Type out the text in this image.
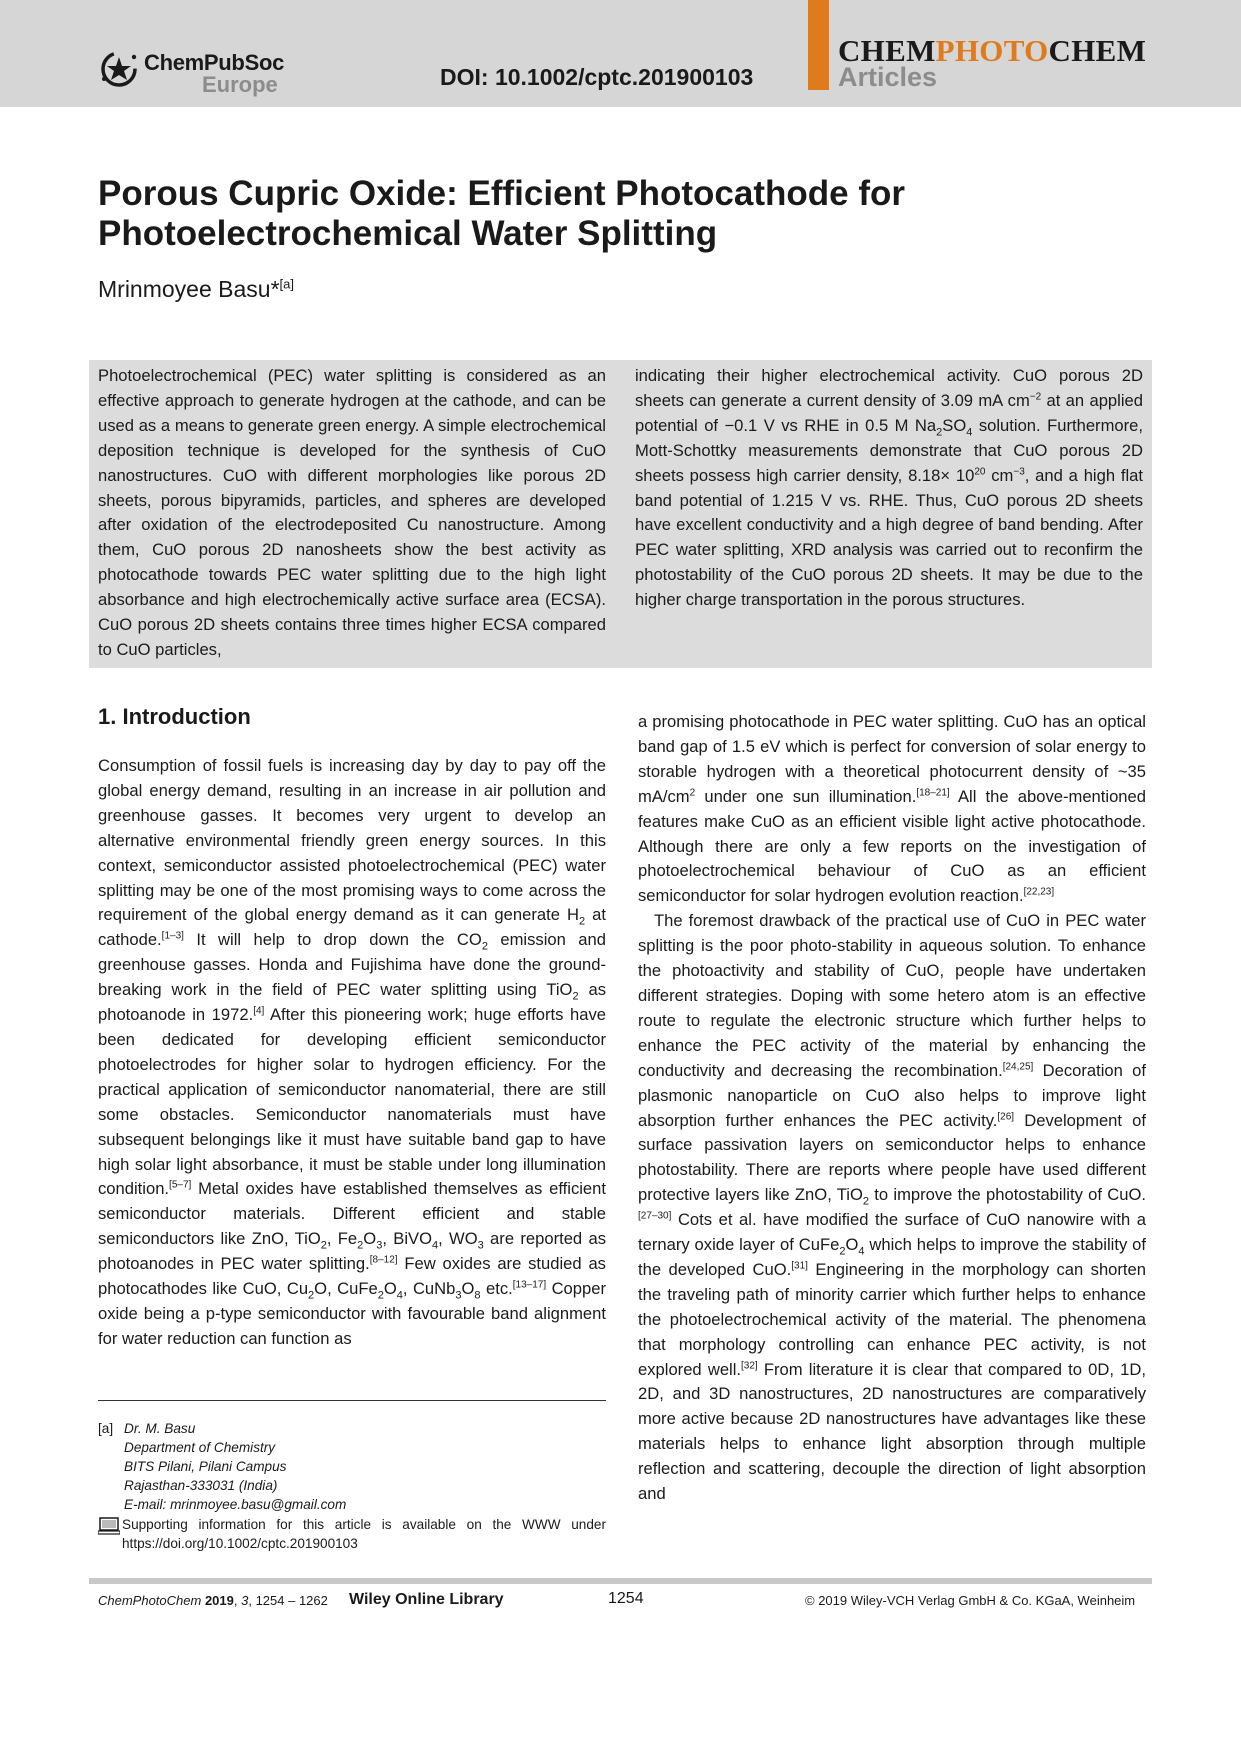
ChemPubSoc
Europe	DOI: 10.1002/cptc.201900103
CHEMPHOTOCHEM
Articles
Porous Cupric Oxide: Efficient Photocathode for
Photoelectrochemical Water Splitting
Mrinmoyee Basu*[a]
Photoelectrochemical (PEC) water splitting is considered as an effective approach to generate hydrogen at the cathode, and can be used as a means to generate green energy. A simple electrochemical deposition technique is developed for the synthesis of CuO nanostructures. CuO with different morphologies like porous 2D sheets, porous bipyramids, particles, and spheres are developed after oxidation of the electrodeposited Cu nanostructure. Among them, CuO porous 2D nanosheets show the best activity as photocathode towards PEC water splitting due to the high light absorbance and high electrochemically active surface area (ECSA). CuO porous 2D sheets contains three times higher ECSA compared to CuO particles,
indicating their higher electrochemical activity. CuO porous 2D sheets can generate a current density of 3.09 mA $cm^{-2}$ at an applied potential of −0.1 V vs RHE in 0.5 M $Na_2SO_4$ solution. Furthermore, Mott-Schottky measurements demonstrate that CuO porous 2D sheets possess high carrier density, $8.18\times 10^{20}$ $cm^{-3}$, and a high flat band potential of 1.215 V vs. RHE. Thus, CuO porous 2D sheets have excellent conductivity and a high degree of band bending. After PEC water splitting, XRD analysis was carried out to reconfirm the photostability of the CuO porous 2D sheets. It may be due to the higher charge transportation in the porous structures.
1. Introduction

Consumption of fossil fuels is increasing day by day to pay off the global energy demand, resulting in an increase in air pollution and greenhouse gasses. It becomes very urgent to develop an alternative environmental friendly green energy sources. In this context, semiconductor assisted photoelectrochemical (PEC) water splitting may be one of the most promising ways to come across the requirement of the global energy demand as it can generate $H_2$ at cathode.[1–3] It will help to drop down the $CO_2$ emission and greenhouse gasses. Honda and Fujishima have done the ground-breaking work in the field of PEC water splitting using TiO$_2$ as photoanode in 1972.[4] After this pioneering work; huge efforts have been dedicated for developing efficient semiconductor photoelectrodes for higher solar to hydrogen efficiency. For the practical application of semiconductor nanomaterial, there are still some obstacles. Semiconductor nanomaterials must have subsequent belongings like it must have suitable band gap to have high solar light absorbance, it must be stable under long illumination condition.[5–7] Metal oxides have established themselves as efficient semiconductor materials. Different efficient and stable semiconductors like ZnO, TiO$_2$, $Fe_2O_3$, BiVO$_4$, $WO_3$ are reported as photoanodes in PEC water splitting.[8–12] Few oxides are studied as photocathodes like CuO, $Cu_2O$, $CuFe_2O_4$, $CuNb_3O_8$ etc.[13–17] Copper oxide being a p-type semiconductor with favourable band alignment for water reduction can function as

a promising photocathode in PEC water splitting. CuO has an optical band gap of 1.5 eV which is perfect for conversion of solar energy to storable hydrogen with a theoretical photocurrent density of ~35 $mA/cm^2$ under one sun illumination.[18–21] All the above-mentioned features make CuO as an efficient visible light active photocathode. Although there are only a few reports on the investigation of photoelectrochemical behaviour of CuO as an efficient semiconductor for solar hydrogen evolution reaction.[22,23]

The foremost drawback of the practical use of CuO in PEC water splitting is the poor photo-stability in aqueous solution. To enhance the photoactivity and stability of CuO, people have undertaken different strategies. Doping with some hetero atom is an effective route to regulate the electronic structure which further helps to enhance the PEC activity of the material by enhancing the conductivity and decreasing the recombination.[24,25] Decoration of plasmonic nanoparticle on CuO also helps to improve light absorption further enhances the PEC activity.[26] Development of surface passivation layers on semiconductor helps to enhance photostability. There are reports where people have used different protective layers like ZnO, TiO$_2$ to improve the photostability of CuO.[27–30] Cots et al. have modified the surface of CuO nanowire with a ternary oxide layer of $CuFe_2O_4$ which helps to improve the stability of the developed CuO.[31] Engineering in the morphology can shorten the traveling path of minority carrier which further helps to enhance the photoelectrochemical activity of the material. The phenomena that morphology controlling can enhance PEC activity, is not explored well.[32] From literature it is clear that compared to 0D, 1D, 2D, and 3D nanostructures, 2D nanostructures are comparatively more active because 2D nanostructures have advantages like these materials helps to enhance light absorption through multiple reflection and scattering, decouple the direction of light absorption and

[a] Dr. M. Basu
Department of Chemistry
BITS Pilani, Pilani Campus
Rajasthan-333031 (India)
E-mail: mrinmoyee.basu@gmail.com
Supporting information for this article is available on the WWW under https://doi.org/10.1002/cptc.201900103
ChemPhotoChem 2019, 3, 1254 – 1262 Wiley Online Library	1254	© 2019 Wiley-VCH Verlag GmbH & Co. KGaA, Weinheim
